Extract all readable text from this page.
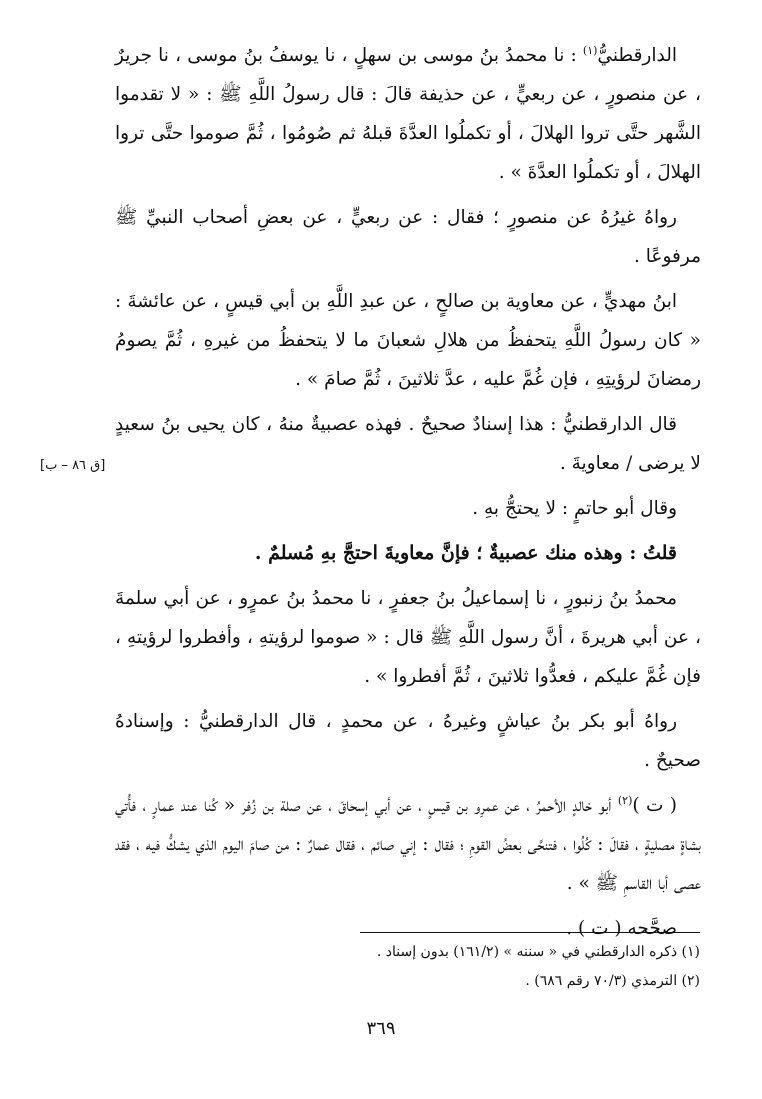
الدارقطنيُّ$^{(١)}$ : نا محمدُ بنُ موسى بن سهلٍ ، نا يوسفُ بنُ موسى ، نا جريرٌ ، عن منصورٍ ، عن ربعيٍّ ، عن حذيفة قالَ : قال رسولُ اللَّهِ ﷺ : « لا تقدموا الشَّهر حتَّى تروا الهلالَ ، أو تكملُوا العدَّةَ قبلهُ ثم صُومُوا ، ثُمَّ صوموا حتَّى تروا الهلالَ ، أو تكملُوا العدَّةَ » .

رواهُ غيرُهُ عن منصورٍ ؛ فقال : عن ربعيٍّ ، عن بعضِ أصحاب النبيِّ ﷺ مرفوعًا .

ابنُ مهديٍّ ، عن معاوية بن صالحٍ ، عن عبدِ اللَّهِ بن أبي قيسٍ ، عن عائشةَ : « كان رسولُ اللَّهِ يتحفظُ من هلالِ شعبانَ ما لا يتحفظُ من غيرهِ ، ثُمَّ يصومُ رمضانَ لرؤيتِهِ ، فإن غُمَّ عليه ، عدَّ ثلاثينَ ، ثُمَّ صامَ » .

قال الدارقطنيُّ : هذا إسنادٌ صحيحٌ . فهذه عصبيةٌ منهُ ، كان يحيى بنُ سعيدٍ لا يرضى / معاويةَ .

وقال أبو حاتمٍ : لا يحتجُّ بهِ .

قلتُ : وهذه منك عصبيةٌ ؛ فإنَّ معاويةَ احتجَّ بهِ مُسلمٌ .

محمدُ بنُ زنبورٍ ، نا إسماعيلُ بنُ جعفرٍ ، نا محمدُ بنُ عمرٍو ، عن أبي سلمةَ ، عن أبي هريرةَ ، أنَّ رسول اللَّهِ ﷺ قال : « صوموا لرؤيتهِ ، وأفطروا لرؤيتهِ ، فإن غُمَّ عليكم ، فعدُّوا ثلاثينَ ، ثُمَّ أفطروا » .

رواهُ أبو بكر بنُ عياشٍ وغيرهُ ، عن محمدٍ ، قال الدارقطنيُّ : وإسنادهُ صحيحٌ .

( ت )$^{(٢)}$ أبو خالدٍ الأحمرُ ، عن عمرِو بن قيسٍ ، عن أبي إسحاقَ ، عن صلة بن زُفر « كُنا عند عمارٍ ، فأُتي بشاةٍ مصليةٍ ، فقالَ : كُلُوا ، فتنحَّى بعضُ القومِ ؛ فقال : إني صائم ، فقال عمارٌ : من صامَ اليوم الذي يشكُّ فيه ، فقد عصى أبا القاسمِ ﷺ » .

صحَّحه ( ت ) .

[ق ٨٦ – ب]

(١) ذكره الدارقطني في « سننه » (١٦١/٢) بدون إسناد .

(٢) الترمذي (٧٠/٣ رقم ٦٨٦) .

٣٦٩
